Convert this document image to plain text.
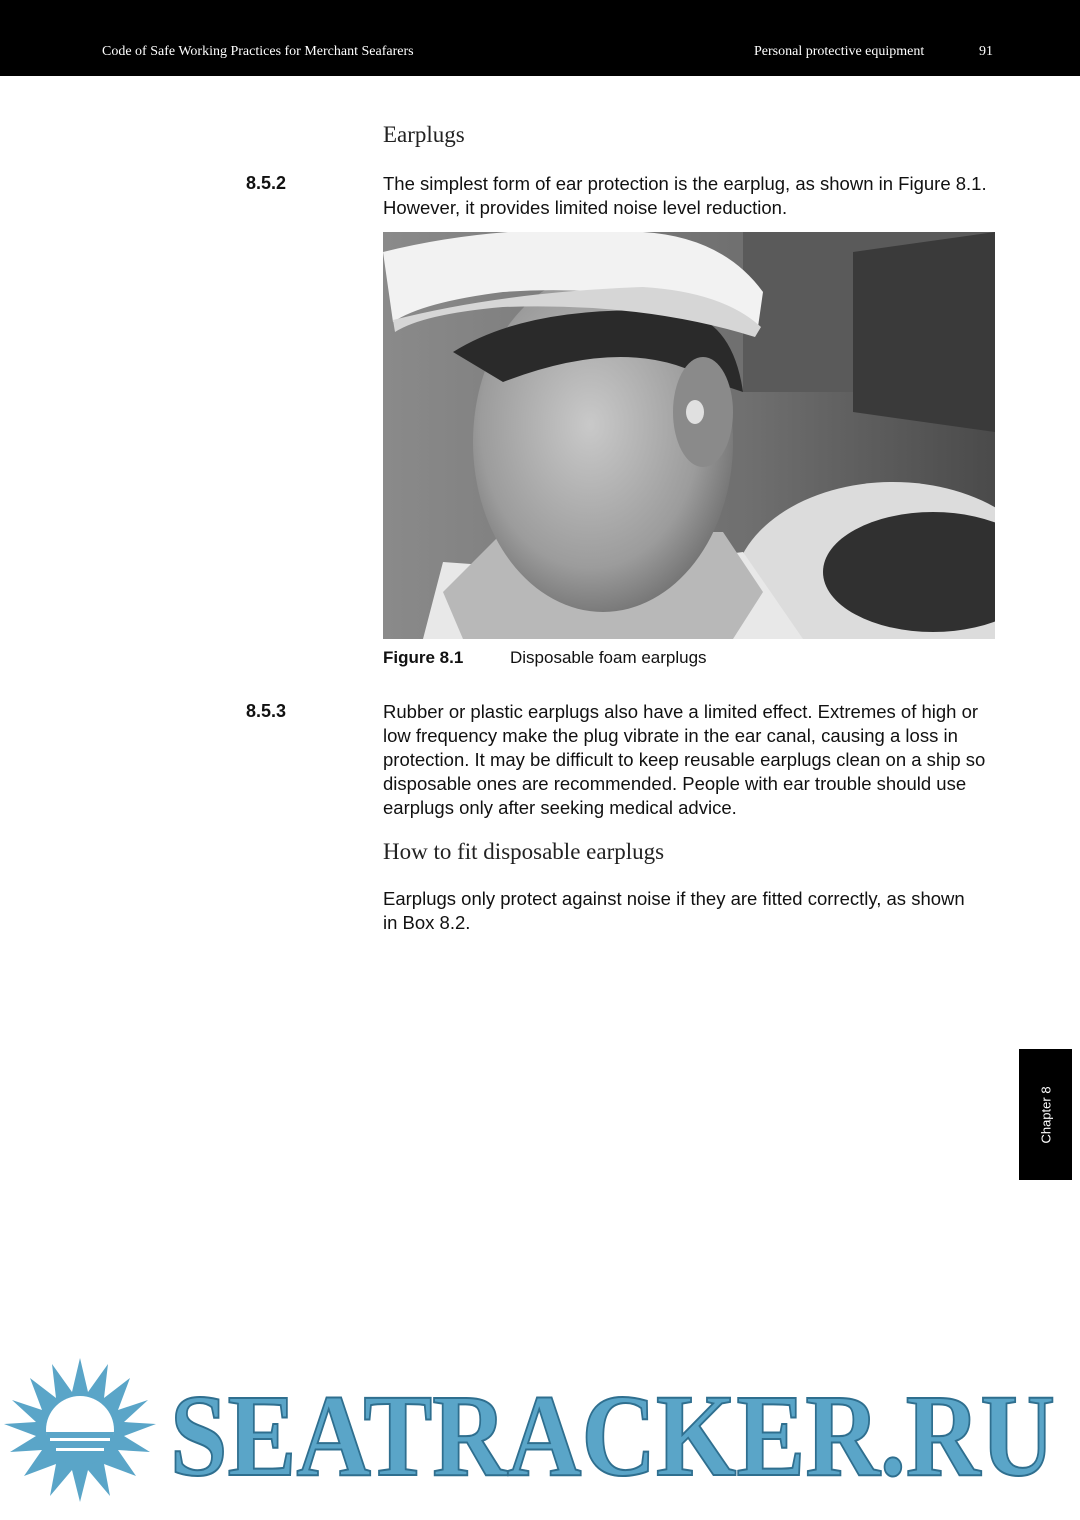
Code of Safe Working Practices for Merchant Seafarers	Personal protective equipment	91
Earplugs
8.5.2	The simplest form of ear protection is the earplug, as shown in Figure 8.1. However, it provides limited noise level reduction.

Figure 8.1	Disposable foam earplugs
8.5.3	Rubber or plastic earplugs also have a limited effect. Extremes of high or low frequency make the plug vibrate in the ear canal, causing a loss in protection. It may be difficult to keep reusable earplugs clean on a ship so disposable ones are recommended. People with ear trouble should use earplugs only after seeking medical advice.

How to fit disposable earplugs

Earplugs only protect against noise if they are fitted correctly, as shown in Box 8.2.

Chapter 8
SEATRACKER.RU
